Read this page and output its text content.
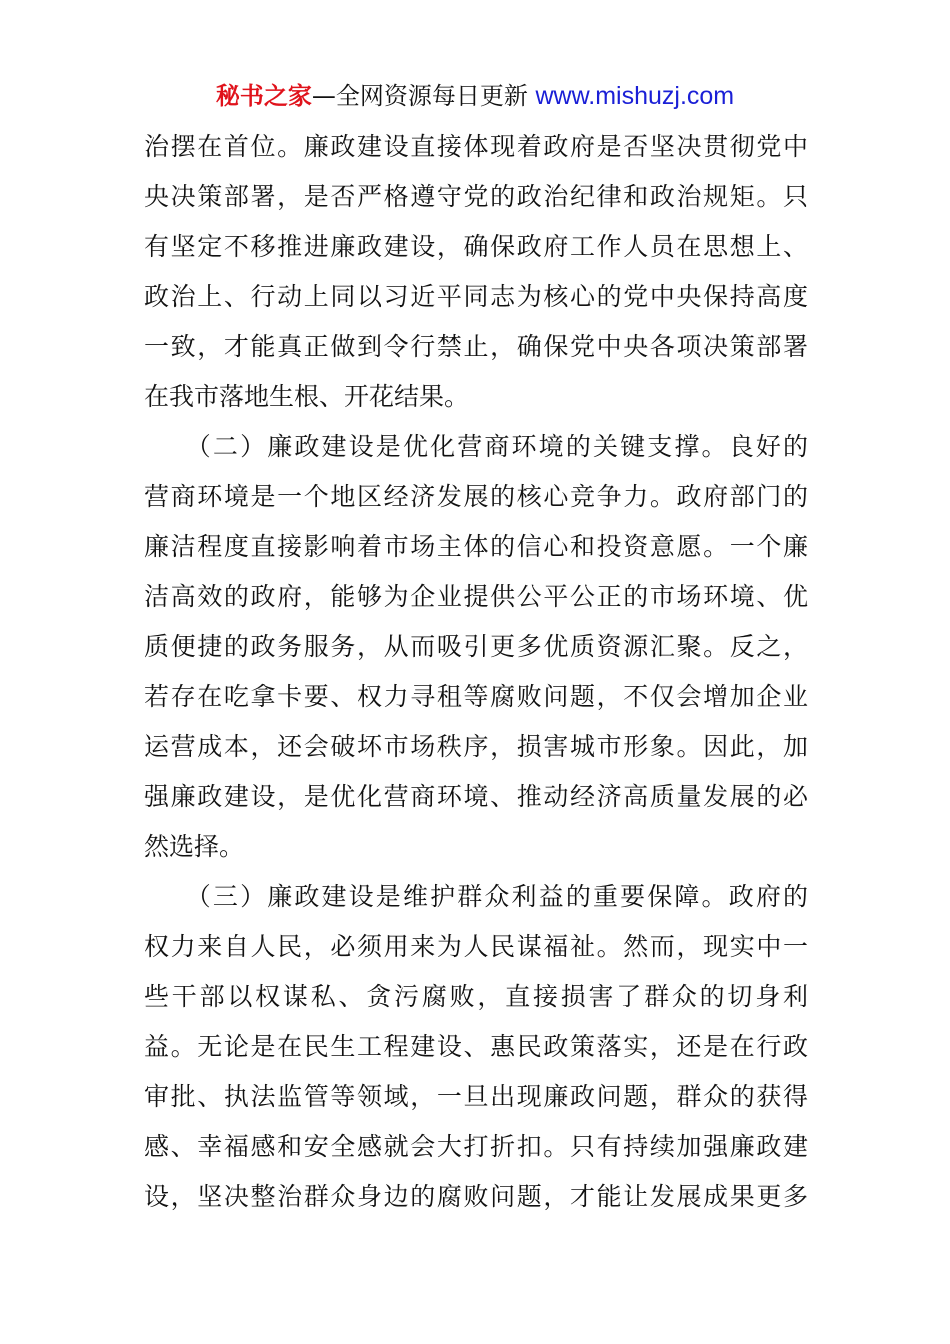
秘书之家—全网资源每日更新 www.mishuzj.com
治摆在首位。廉政建设直接体现着政府是否坚决贯彻党中
央决策部署，是否严格遵守党的政治纪律和政治规矩。只
有坚定不移推进廉政建设，确保政府工作人员在思想上、
政治上、行动上同以习近平同志为核心的党中央保持高度
一致，才能真正做到令行禁止，确保党中央各项决策部署
在我市落地生根、开花结果。
　　（二）廉政建设是优化营商环境的关键支撑。良好的
营商环境是一个地区经济发展的核心竞争力。政府部门的
廉洁程度直接影响着市场主体的信心和投资意愿。一个廉
洁高效的政府，能够为企业提供公平公正的市场环境、优
质便捷的政务服务，从而吸引更多优质资源汇聚。反之，
若存在吃拿卡要、权力寻租等腐败问题，不仅会增加企业
运营成本，还会破坏市场秩序，损害城市形象。因此，加
强廉政建设，是优化营商环境、推动经济高质量发展的必
然选择。
　　（三）廉政建设是维护群众利益的重要保障。政府的
权力来自人民，必须用来为人民谋福祉。然而，现实中一
些干部以权谋私、贪污腐败，直接损害了群众的切身利
益。无论是在民生工程建设、惠民政策落实，还是在行政
审批、执法监管等领域，一旦出现廉政问题，群众的获得
感、幸福感和安全感就会大打折扣。只有持续加强廉政建
设，坚决整治群众身边的腐败问题，才能让发展成果更多
